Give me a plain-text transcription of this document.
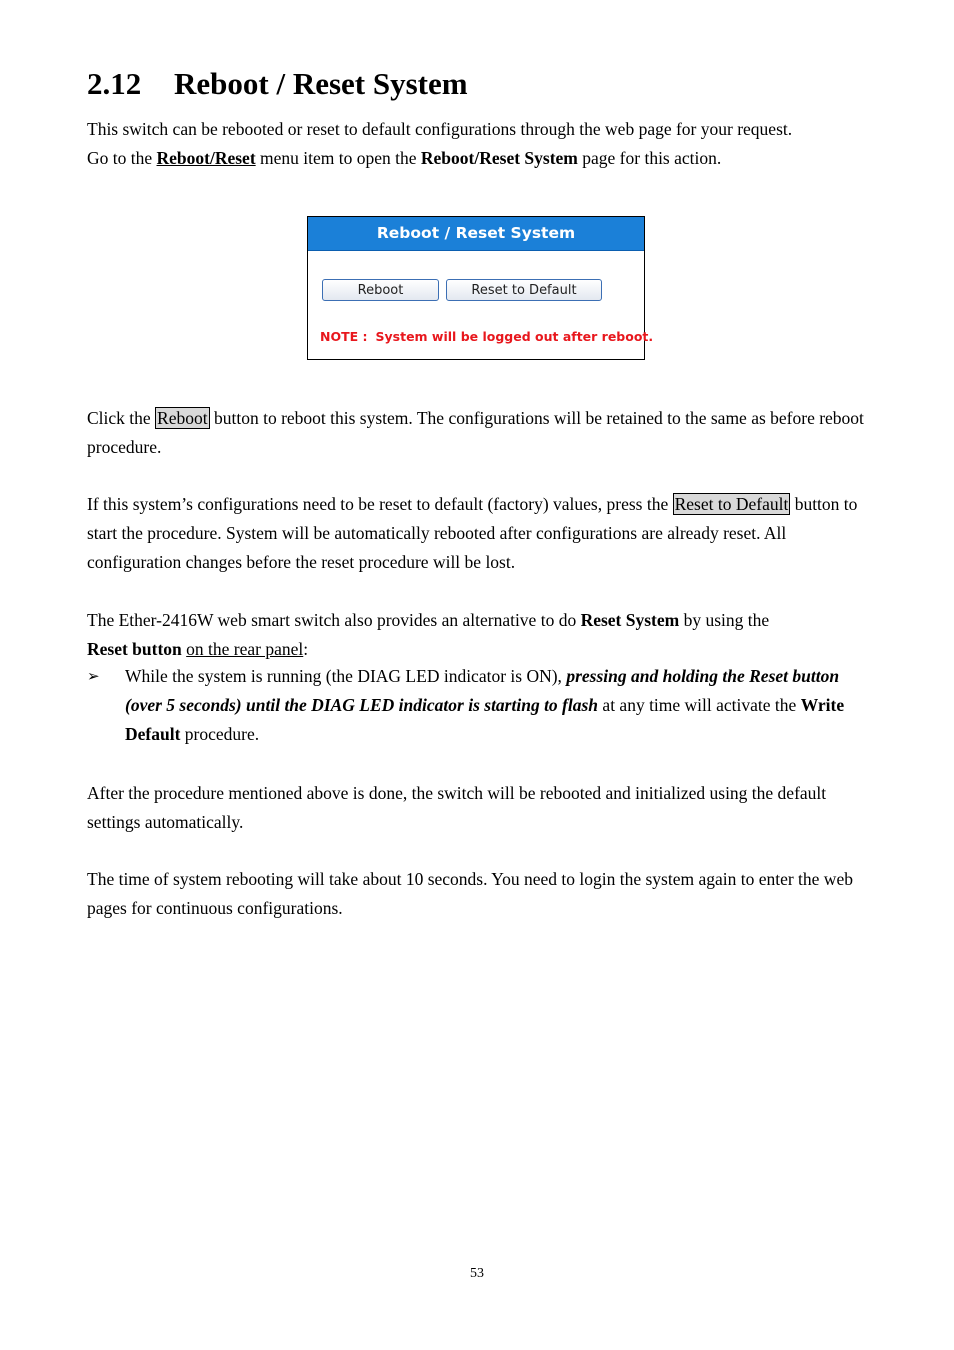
2.12 Reboot / Reset System

This switch can be rebooted or reset to default configurations through the web page for your request.
Go to the Reboot/Reset menu item to open the Reboot/Reset System page for this action.

Click the Reboot button to reboot this system. The configurations will be retained to the same as before reboot procedure.

If this system’s configurations need to be reset to default (factory) values, press the Reset to Default button to start the procedure. System will be automatically rebooted after configurations are already reset. All configuration changes before the reset procedure will be lost.

The Ether-2416W web smart switch also provides an alternative to do Reset System by using the
Reset button on the rear panel:

➢ While the system is running (the DIAG LED indicator is ON), pressing and holding the Reset button (over 5 seconds) until the DIAG LED indicator is starting to flash at any time will activate the Write Default procedure.

After the procedure mentioned above is done, the switch will be rebooted and initialized using the default settings automatically.

The time of system rebooting will take about 10 seconds. You need to login the system again to enter the web pages for continuous configurations.

Reboot / Reset System
Reboot	Reset to Default
NOTE : System will be logged out after reboot.
53
